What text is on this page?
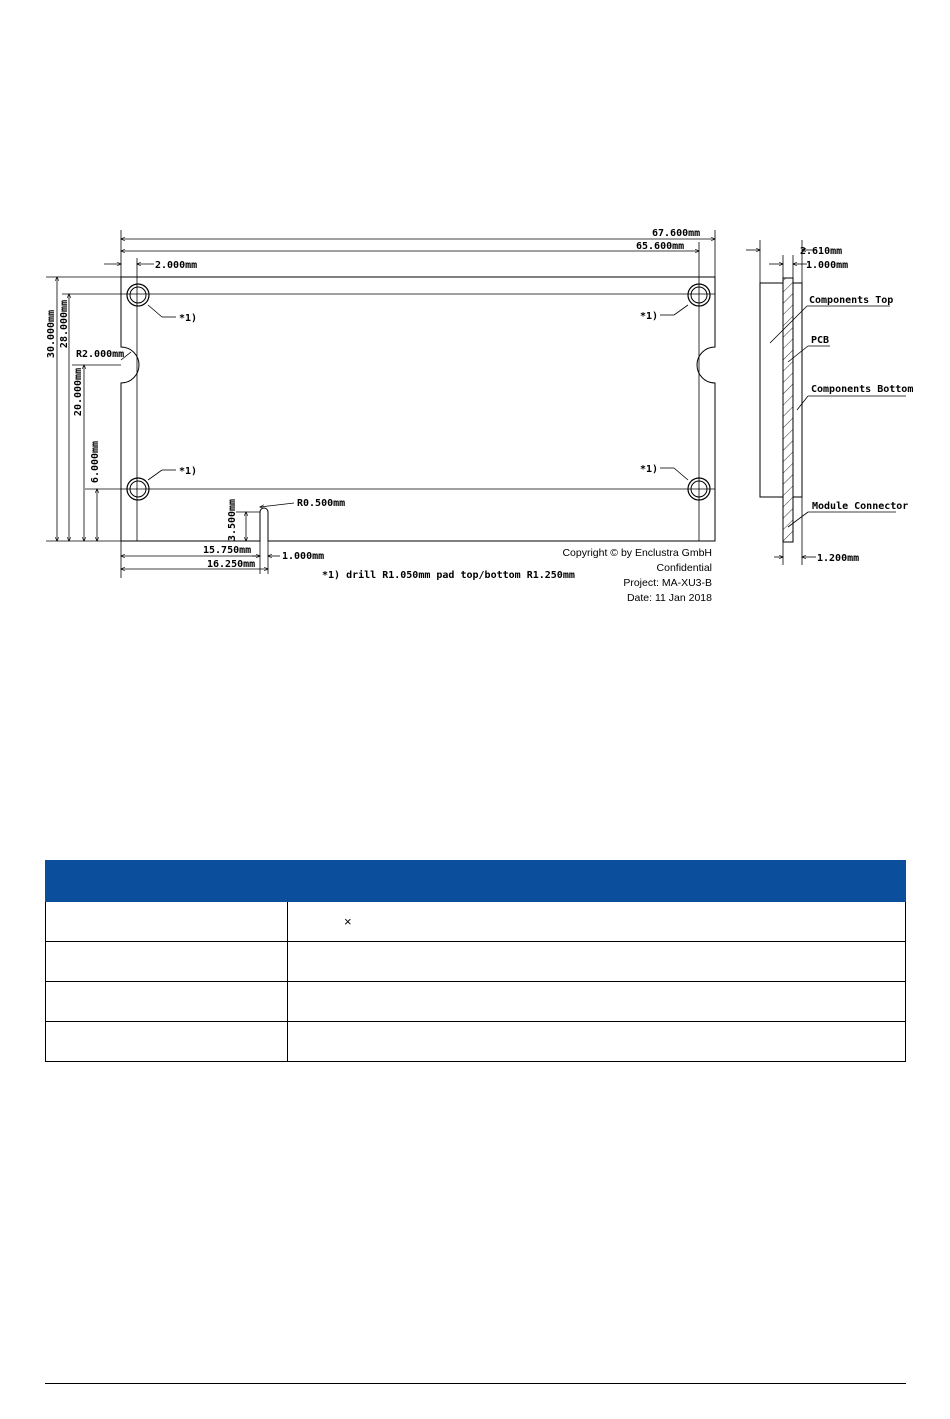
*1)	*1)
*1)	*1)
67.600mm
65.600mm
2.000mm
30.000mm 28.000mm
20.000mm
6.000mm
R2.000mm
R0.500mm
3.500mm
15.750mm
16.250mm
1.000mm
*1) drill R1.050mm pad top/bottom R1.250mm
Copyright © by Enclustra GmbH
Confidential
Project: MA-XU3-B
Date: 11 Jan 2018
2.610mm
1.000mm
1.200mm
Components Top
PCB
Components Bottom
Module Connector

	×
